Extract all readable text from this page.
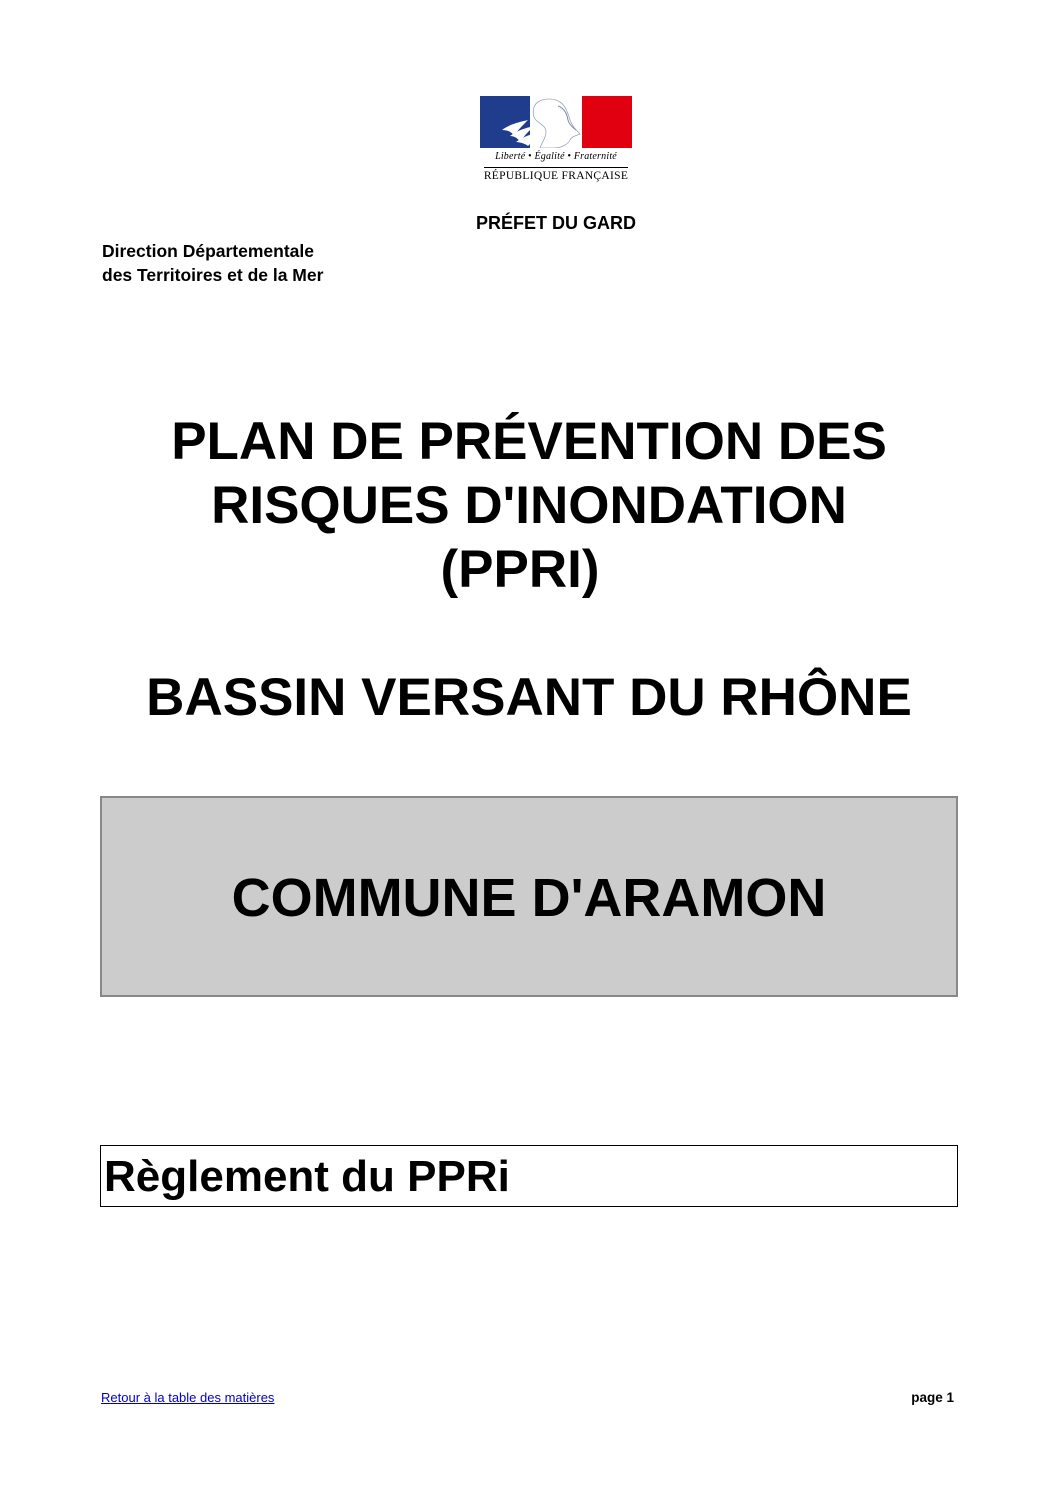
Liberté • Égalité • Fraternité
RÉPUBLIQUE FRANÇAISE
PRÉFET DU GARD
Direction Départementale
des Territoires et de la Mer
PLAN DE PRÉVENTION DES
RISQUES D'INONDATION
(PPRI)
BASSIN VERSANT DU RHÔNE
COMMUNE D'ARAMON
Règlement du PPRi
Retour à la table des matières	page 1
